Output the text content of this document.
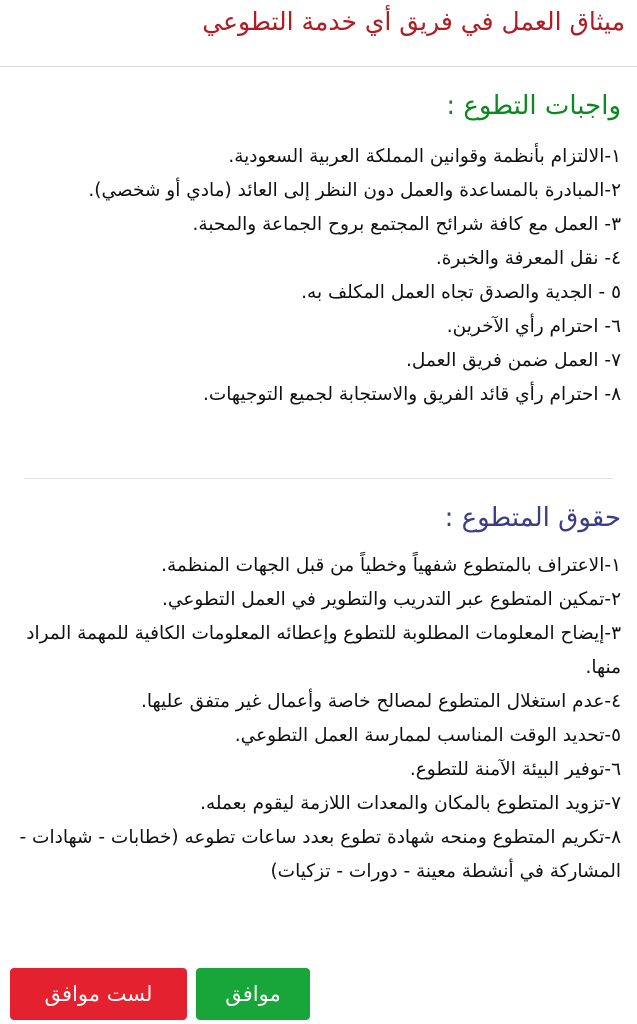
ميثاق العمل في فريق أي خدمة التطوعي
واجبات التطوع :
١-الالتزام بأنظمة وقوانين المملكة العربية السعودية.
٢-المبادرة بالمساعدة والعمل دون النظر إلى العائد (مادي أو شخصي).
٣- العمل مع كافة شرائح المجتمع بروح الجماعة والمحبة.
٤- نقل المعرفة والخبرة.
٥ - الجدية والصدق تجاه العمل المكلف به.
٦- احترام رأي الآخرين.
٧- العمل ضمن فريق العمل.
٨- احترام رأي قائد الفريق والاستجابة لجميع التوجيهات.
حقوق المتطوع :
١-الاعتراف بالمتطوع شفهياً وخطياً من قبل الجهات المنظمة.
٢-تمكين المتطوع عبر التدريب والتطوير في العمل التطوعي.
٣-إيضاح المعلومات المطلوبة للتطوع وإعطائه المعلومات الكافية للمهمة المراد منها.
٤-عدم استغلال المتطوع لمصالح خاصة وأعمال غير متفق عليها.
٥-تحديد الوقت المناسب لممارسة العمل التطوعي.
٦-توفير البيئة الآمنة للتطوع.
٧-تزويد المتطوع بالمكان والمعدات اللازمة ليقوم بعمله.
٨-تكريم المتطوع ومنحه شهادة تطوع بعدد ساعات تطوعه (خطابات - شهادات - المشاركة في أنشطة معينة - دورات - تزكيات)
موافق
لست موافق
